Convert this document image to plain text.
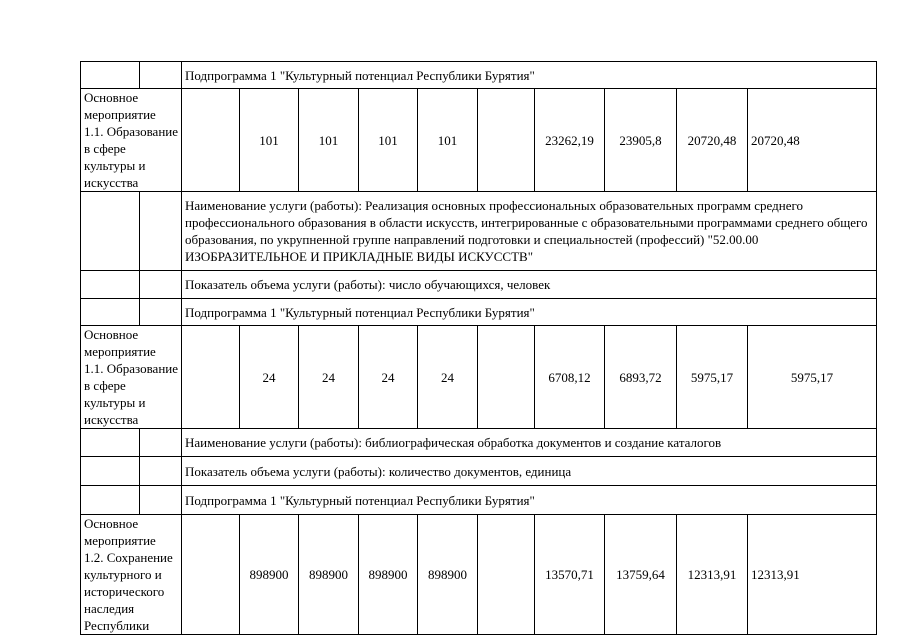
		Подпрограмма 1 "Культурный потенциал Республики Бурятия"									
Основное мероприятие 1.1. Образование в сфере культуры и искусства			101	101	101	101		23262,19	23905,8	20720,48	20720,48
		Наименование услуги (работы): Реализация основных профессиональных образовательных программ среднего профессионального образования в области искусств, интегрированные с образовательными программами среднего общего образования, по укрупненной группе направлений подготовки и специальностей (профессий) "52.00.00 ИЗОБРАЗИТЕЛЬНОЕ И ПРИКЛАДНЫЕ ВИДЫ ИСКУССТВ"									
		Показатель объема услуги (работы): число обучающихся, человек									
		Подпрограмма 1 "Культурный потенциал Республики Бурятия"									
Основное мероприятие 1.1. Образование в сфере культуры и искусства			24	24	24	24		6708,12	6893,72	5975,17	5975,17
		Наименование услуги (работы): библиографическая обработка документов и создание каталогов									
		Показатель объема услуги (работы): количество документов, единица									
		Подпрограмма 1 "Культурный потенциал Республики Бурятия"									
Основное мероприятие 1.2. Сохранение культурного и исторического наследия Республики			898900	898900	898900	898900		13570,71	13759,64	12313,91	12313,91
